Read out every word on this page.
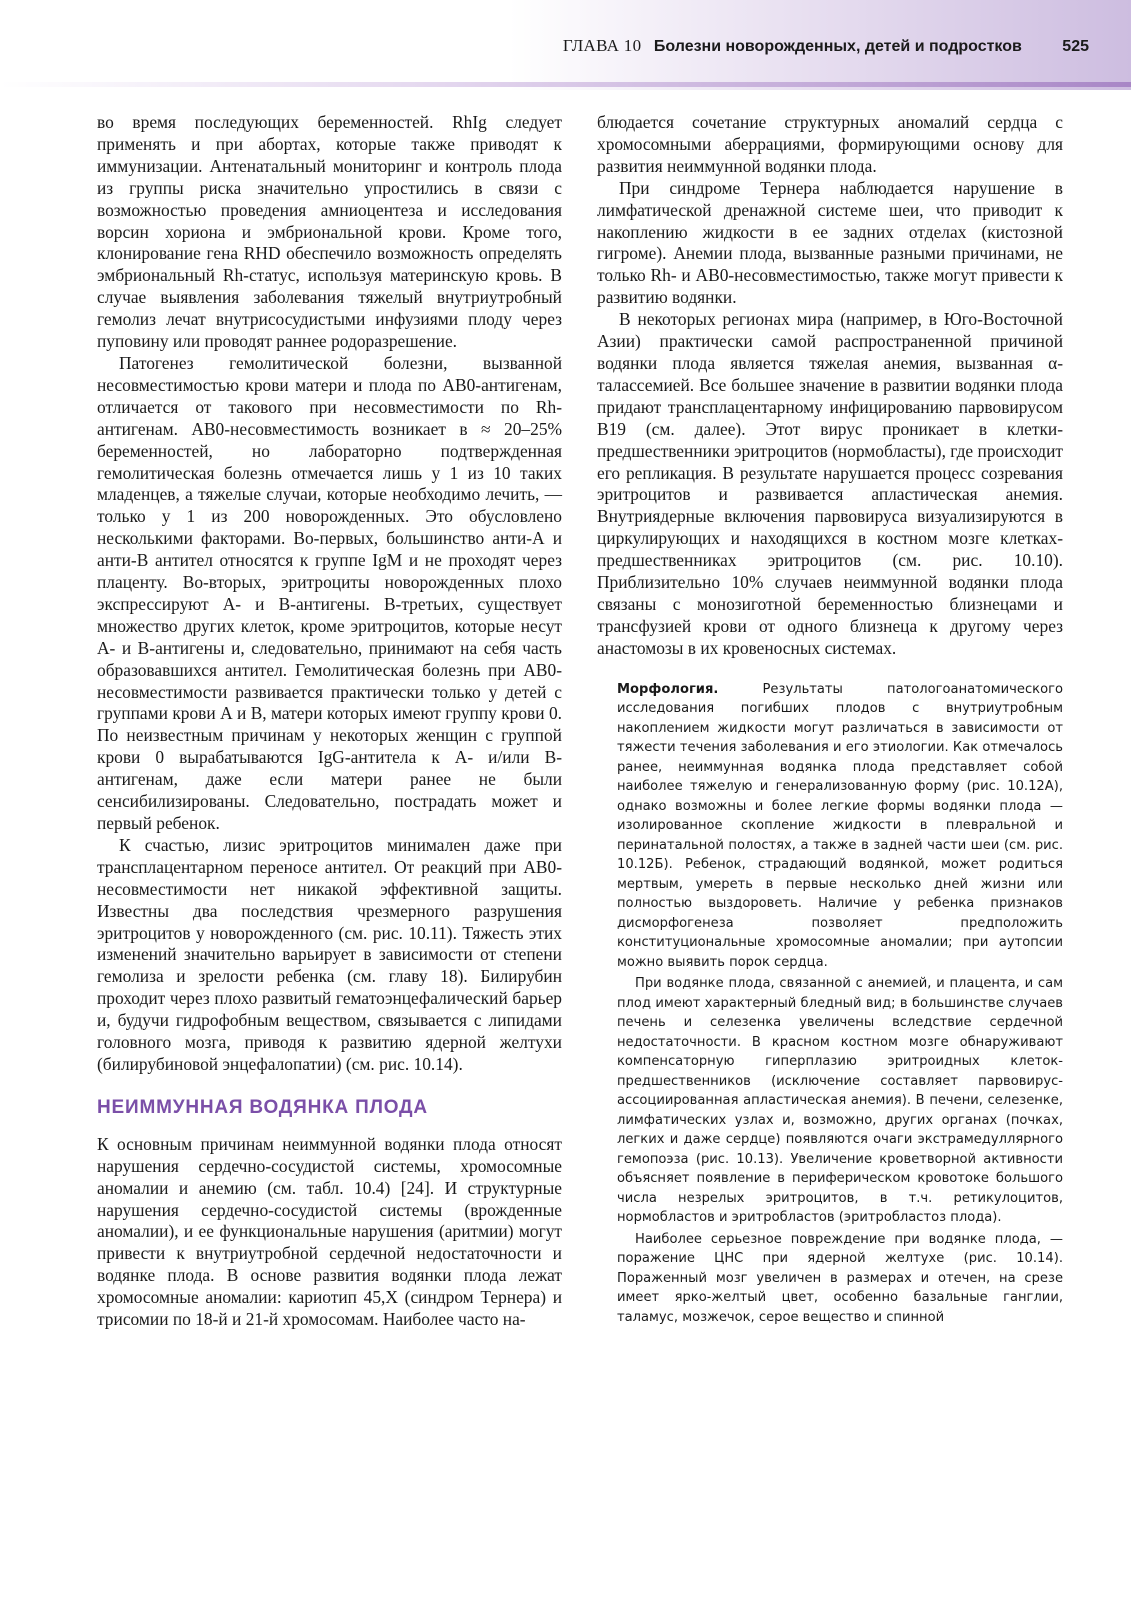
ГЛАВА 10 Болезни новорожденных, детей и подростков	525

во время последующих беременностей. RhIg следует применять и при абортах, которые также приводят к иммунизации. Антенатальный мониторинг и контроль плода из группы риска значительно упростились в связи с возможностью проведения амниоцентеза и исследования ворсин хориона и эмбриональной крови. Кроме того, клонирование гена RHD обеспечило возможность определять эмбриональный Rh-статус, используя материнскую кровь. В случае выявления заболевания тяжелый внутриутробный гемолиз лечат внутрисосудистыми инфузиями плоду через пуповину или проводят раннее родоразрешение.

Патогенез гемолитической болезни, вызванной несовместимостью крови матери и плода по АВ0-антигенам, отличается от такового при несовместимости по Rh-антигенам. АВ0-несовместимость возникает в ≈ 20–25% беременностей, но лабораторно подтвержденная гемолитическая болезнь отмечается лишь у 1 из 10 таких младенцев, а тяжелые случаи, которые необходимо лечить, — только у 1 из 200 новорожденных. Это обусловлено несколькими факторами. Во-первых, большинство анти-А и анти-В антител относятся к группе IgM и не проходят через плаценту. Во-вторых, эритроциты новорожденных плохо экспрессируют А- и В-антигены. В-третьих, существует множество других клеток, кроме эритроцитов, которые несут А- и В-антигены и, следовательно, принимают на себя часть образовавшихся антител. Гемолитическая болезнь при АВ0-несовместимости развивается практически только у детей с группами крови А и В, матери которых имеют группу крови 0. По неизвестным причинам у некоторых женщин с группой крови 0 вырабатываются IgG-антитела к А- и/или В-антигенам, даже если матери ранее не были сенсибилизированы. Следовательно, пострадать может и первый ребенок.

К счастью, лизис эритроцитов минимален даже при трансплацентарном переносе антител. От реакций при АВ0-несовместимости нет никакой эффективной защиты. Известны два последствия чрезмерного разрушения эритроцитов у новорожденного (см. рис. 10.11). Тяжесть этих изменений значительно варьирует в зависимости от степени гемолиза и зрелости ребенка (см. главу 18). Билирубин проходит через плохо развитый гематоэнцефалический барьер и, будучи гидрофобным веществом, связывается с липидами головного мозга, приводя к развитию ядерной желтухи (билирубиновой энцефалопатии) (см. рис. 10.14).

НЕИММУННАЯ ВОДЯНКА ПЛОДА

К основным причинам неиммунной водянки плода относят нарушения сердечно-сосудистой системы, хромосомные аномалии и анемию (см. табл. 10.4) [24]. И структурные нарушения сердечно-сосудистой системы (врожденные аномалии), и ее функциональные нарушения (аритмии) могут привести к внутриутробной сердечной недостаточности и водянке плода. В основе развития водянки плода лежат хромосомные аномалии: кариотип 45,X (синдром Тернера) и трисомии по 18-й и 21-й хромосомам. Наиболее часто на-

блюдается сочетание структурных аномалий сердца с хромосомными аберрациями, формирующими основу для развития неиммунной водянки плода.

При синдроме Тернера наблюдается нарушение в лимфатической дренажной системе шеи, что приводит к накоплению жидкости в ее задних отделах (кистозной гигроме). Анемии плода, вызванные разными причинами, не только Rh- и АВ0-несовместимостью, также могут привести к развитию водянки.

В некоторых регионах мира (например, в Юго-Восточной Азии) практически самой распространенной причиной водянки плода является тяжелая анемия, вызванная α-талассемией. Все большее значение в развитии водянки плода придают трансплацентарному инфицированию парвовирусом В19 (см. далее). Этот вирус проникает в клетки-предшественники эритроцитов (нормобласты), где происходит его репликация. В результате нарушается процесс созревания эритроцитов и развивается апластическая анемия. Внутриядерные включения парвовируса визуализируются в циркулирующих и находящихся в костном мозге клетках-предшественниках эритроцитов (см. рис. 10.10). Приблизительно 10% случаев неиммунной водянки плода связаны с монозиготной беременностью близнецами и трансфузией крови от одного близнеца к другому через анастомозы в их кровеносных системах.

Морфология.	Результаты патологоанатомического исследования погибших плодов с внутриутробным накоплением жидкости могут различаться в зависимости от тяжести течения заболевания и его этиологии. Как отмечалось ранее, неиммунная водянка плода представляет собой наиболее тяжелую и генерализованную форму (рис. 10.12А), однако возможны и более легкие формы водянки плода — изолированное скопление жидкости в плевральной и перинатальной полостях, а также в задней части шеи (см. рис. 10.12Б). Ребенок, страдающий водянкой, может родиться мертвым, умереть в первые несколько дней жизни или полностью выздороветь. Наличие у ребенка признаков дисморфогенеза позволяет предположить конституциональные хромосомные аномалии; при аутопсии можно выявить порок сердца.

При водянке плода, связанной с анемией, и плацента, и сам плод имеют характерный бледный вид; в большинстве случаев печень и селезенка увеличены вследствие сердечной недостаточности. В красном костном мозге обнаруживают компенсаторную гиперплазию эритроидных клеток-предшественников (исключение составляет парвовирус-ассоциированная апластическая анемия). В печени, селезенке, лимфатических узлах и, возможно, других органах (почках, легких и даже сердце) появляются очаги экстрамедуллярного гемопоэза (рис. 10.13). Увеличение кроветворной активности объясняет появление в периферическом кровотоке большого числа незрелых эритроцитов, в т.ч. ретикулоцитов, нормобластов и эритробластов (эритробластоз плода).

Наиболее серьезное повреждение при водянке плода, — поражение ЦНС при ядерной желтухе (рис. 10.14). Пораженный мозг увеличен в размерах и отечен, на срезе имеет ярко-желтый цвет, особенно базальные ганглии, таламус, мозжечок, серое вещество и спинной
